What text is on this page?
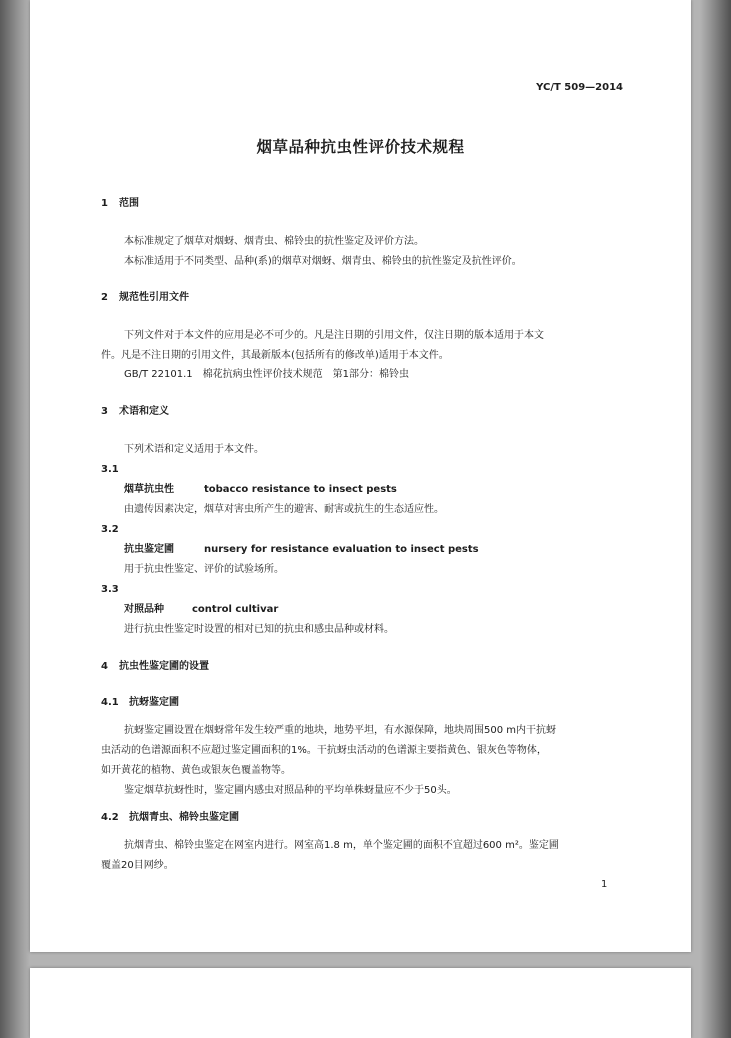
YC/T 509—2014
烟草品种抗虫性评价技术规程
1 范围
本标准规定了烟草对烟蚜、烟青虫、棉铃虫的抗性鉴定及评价方法。
本标准适用于不同类型、品种(系)的烟草对烟蚜、烟青虫、棉铃虫的抗性鉴定及抗性评价。
2 规范性引用文件
下列文件对于本文件的应用是必不可少的。凡是注日期的引用文件，仅注日期的版本适用于本文
件。凡是不注日期的引用文件，其最新版本(包括所有的修改单)适用于本文件。
GB/T 22101.1　棉花抗病虫性评价技术规范　第1部分：棉铃虫
3 术语和定义
下列术语和定义适用于本文件。
3.1
烟草抗虫性	tobacco resistance to insect pests
由遗传因素决定，烟草对害虫所产生的避害、耐害或抗生的生态适应性。
3.2
抗虫鉴定圃	nursery for resistance evaluation to insect pests
用于抗虫性鉴定、评价的试验场所。
3.3
对照品种	control cultivar
进行抗虫性鉴定时设置的相对已知的抗虫和感虫品种或材料。
4 抗虫性鉴定圃的设置
4.1 抗蚜鉴定圃
抗蚜鉴定圃设置在烟蚜常年发生较严重的地块，地势平坦，有水源保障，地块周围500 m内干抗蚜
虫活动的色谱源面积不应超过鉴定圃面积的1%。干抗蚜虫活动的色谱源主要指黄色、银灰色等物体，
如开黄花的植物、黄色或银灰色覆盖物等。
鉴定烟草抗蚜性时，鉴定圃内感虫对照品种的平均单株蚜量应不少于50头。
4.2 抗烟青虫、棉铃虫鉴定圃
抗烟青虫、棉铃虫鉴定在网室内进行。网室高1.8 m，单个鉴定圃的面积不宜超过600 m²。鉴定圃
覆盖20目网纱。
1
